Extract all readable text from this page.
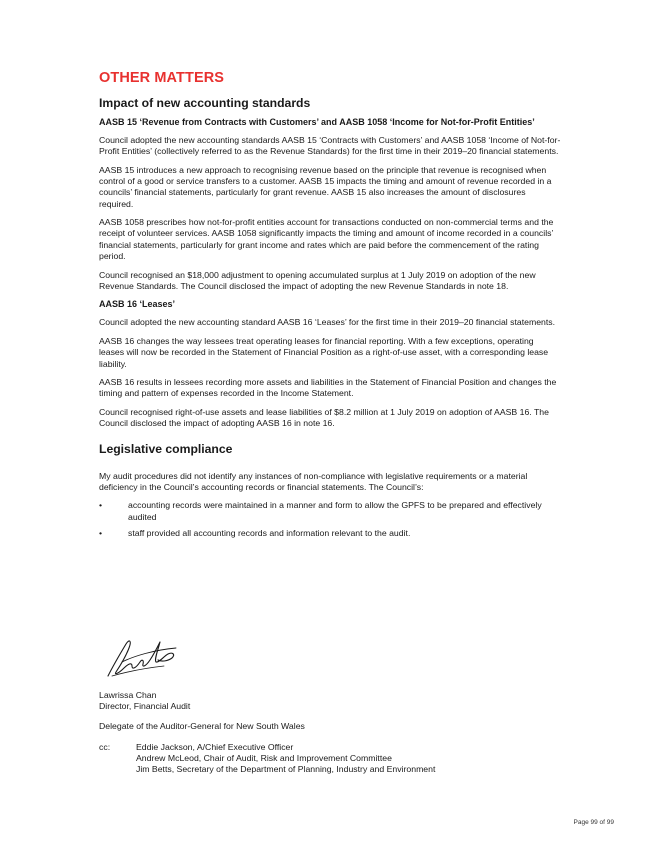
OTHER MATTERS
Impact of new accounting standards
AASB 15 ‘Revenue from Contracts with Customers’ and AASB 1058 ‘Income for Not-for-Profit Entities’
Council adopted the new accounting standards AASB 15 ‘Contracts with Customers’ and AASB 1058 ‘Income of Not-for-Profit Entities’ (collectively referred to as the Revenue Standards) for the first time in their 2019–20 financial statements.
AASB 15 introduces a new approach to recognising revenue based on the principle that revenue is recognised when control of a good or service transfers to a customer. AASB 15 impacts the timing and amount of revenue recorded in a councils’ financial statements, particularly for grant revenue. AASB 15 also increases the amount of disclosures required.
AASB 1058 prescribes how not-for-profit entities account for transactions conducted on non-commercial terms and the receipt of volunteer services. AASB 1058 significantly impacts the timing and amount of income recorded in a councils’ financial statements, particularly for grant income and rates which are paid before the commencement of the rating period.
Council recognised an $18,000 adjustment to opening accumulated surplus at 1 July 2019 on adoption of the new Revenue Standards. The Council disclosed the impact of adopting the new Revenue Standards in note 18.
AASB 16 ‘Leases’
Council adopted the new accounting standard AASB 16 ‘Leases’ for the first time in their 2019–20 financial statements.
AASB 16 changes the way lessees treat operating leases for financial reporting. With a few exceptions, operating leases will now be recorded in the Statement of Financial Position as a right-of-use asset, with a corresponding lease liability.
AASB 16 results in lessees recording more assets and liabilities in the Statement of Financial Position and changes the timing and pattern of expenses recorded in the Income Statement.
Council recognised right-of-use assets and lease liabilities of $8.2 million at 1 July 2019 on adoption of AASB 16. The Council disclosed the impact of adopting AASB 16 in note 16.
Legislative compliance
My audit procedures did not identify any instances of non-compliance with legislative requirements or a material deficiency in the Council’s accounting records or financial statements. The Council’s:
•	accounting records were maintained in a manner and form to allow the GPFS to be prepared and effectively audited
•	staff provided all accounting records and information relevant to the audit.
Lawrissa Chan
Director, Financial Audit
Delegate of the Auditor-General for New South Wales
cc:	Eddie Jackson, A/Chief Executive Officer
Andrew McLeod, Chair of Audit, Risk and Improvement Committee
Jim Betts, Secretary of the Department of Planning, Industry and Environment
Page 99 of 99
